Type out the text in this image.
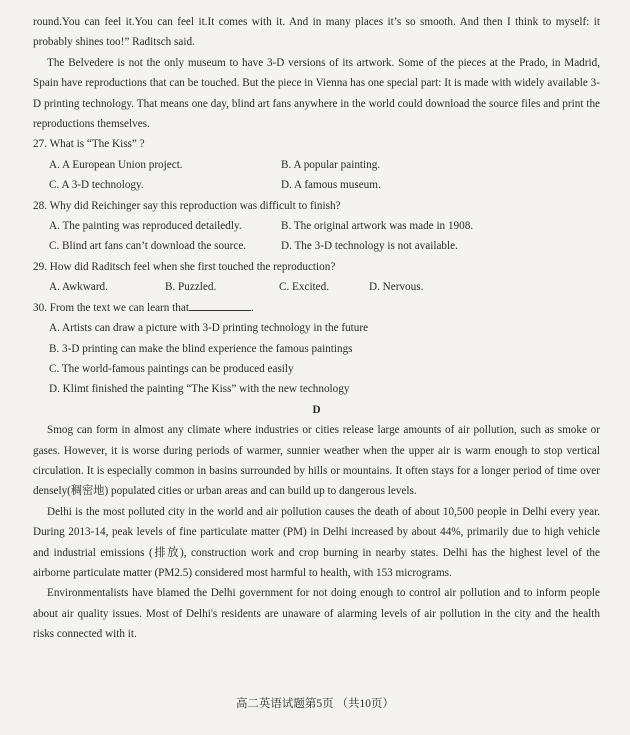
round.You can feel it.You can feel it.It comes with it. And in many places it’s so smooth. And then I think to myself: it probably shines too!” Raditsch said.

The Belvedere is not the only museum to have 3-D versions of its artwork. Some of the pieces at the Prado, in Madrid, Spain have reproductions that can be touched. But the piece in Vienna has one special part: It is made with widely available 3-D printing technology. That means one day, blind art fans anywhere in the world could download the source files and print the reproductions themselves.

27. What is “The Kiss” ?

A. A European Union project.	B. A popular painting.
C. A 3-D technology.	D. A famous museum.

28. Why did Reichinger say this reproduction was difficult to finish?

A. The painting was reproduced detailedly.	B. The original artwork was made in 1908.
C. Blind art fans can’t download the source.	D. The 3-D technology is not available.

29. How did Raditsch feel when she first touched the reproduction?

A. Awkward.	B. Puzzled.	C. Excited.	D. Nervous.

30. From the text we can learn that	.

A. Artists can draw a picture with 3-D printing technology in the future

B. 3-D printing can make the blind experience the famous paintings

C. The world-famous paintings can be produced easily

D. Klimt finished the painting “The Kiss” with the new technology

D

Smog can form in almost any climate where industries or cities release large amounts of air pollution, such as smoke or gases. However, it is worse during periods of warmer, sunnier weather when the upper air is warm enough to stop vertical circulation. It is especially common in basins surrounded by hills or mountains. It often stays for a longer period of time over densely(稠密地) populated cities or urban areas and can build up to dangerous levels.

Delhi is the most polluted city in the world and air pollution causes the death of about 10,500 people in Delhi every year. During 2013-14, peak levels of fine particulate matter (PM) in Delhi increased by about 44%, primarily due to high vehicle and industrial emissions (排放), construction work and crop burning in nearby states. Delhi has the highest level of the airborne particulate matter (PM2.5) considered most harmful to health, with 153 micrograms.

Environmentalists have blamed the Delhi government for not doing enough to control air pollution and to inform people about air quality issues. Most of Delhi's residents are unaware of alarming levels of air pollution in the city and the health risks connected with it.

高二英语试题第5页 （共10页）
